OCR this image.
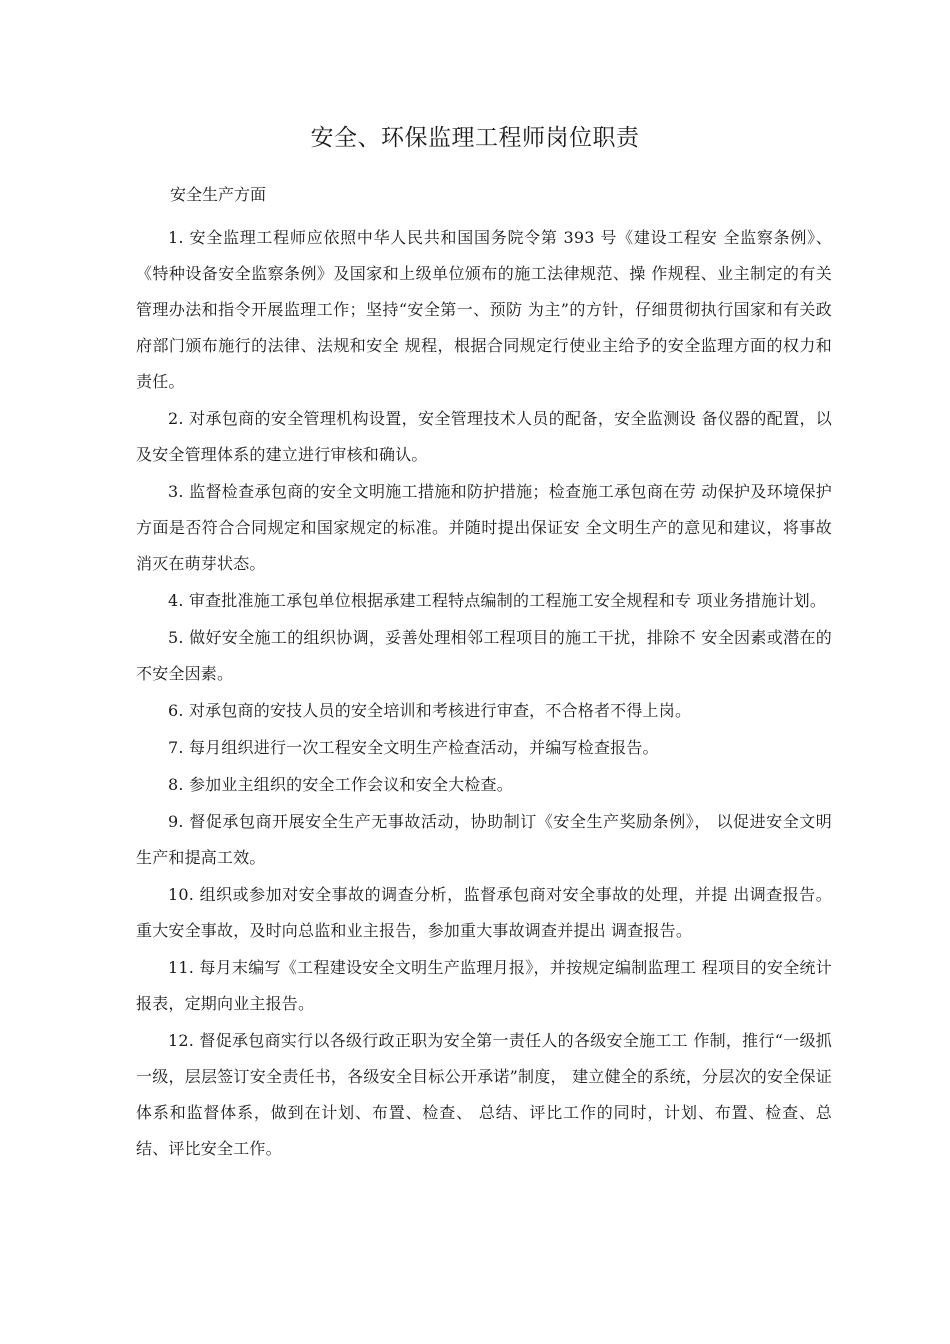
安全、环保监理工程师岗位职责

安全生产方面

1. 安全监理工程师应依照中华人民共和国国务院令第 393 号《建设工程安 全监察条例》、《特种设备安全监察条例》及国家和上级单位颁布的施工法律规范、操 作规程、业主制定的有关管理办法和指令开展监理工作；坚持“安全第一、预防 为主”的方针，仔细贯彻执行国家和有关政府部门颁布施行的法律、法规和安全 规程，根据合同规定行使业主给予的安全监理方面的权力和责任。

2. 对承包商的安全管理机构设置，安全管理技术人员的配备，安全监测设 备仪器的配置，以及安全管理体系的建立进行审核和确认。

3. 监督检查承包商的安全文明施工措施和防护措施；检查施工承包商在劳 动保护及环境保护方面是否符合合同规定和国家规定的标准。并随时提出保证安 全文明生产的意见和建议，将事故消灭在萌芽状态。

4. 审查批准施工承包单位根据承建工程特点编制的工程施工安全规程和专 项业务措施计划。

5. 做好安全施工的组织协调，妥善处理相邻工程项目的施工干扰，排除不 安全因素或潜在的不安全因素。

6. 对承包商的安技人员的安全培训和考核进行审查，不合格者不得上岗。

7. 每月组织进行一次工程安全文明生产检查活动，并编写检查报告。

8. 参加业主组织的安全工作会议和安全大检查。

9. 督促承包商开展安全生产无事故活动，协助制订《安全生产奖励条例》， 以促进安全文明生产和提高工效。

10. 组织或参加对安全事故的调查分析，监督承包商对安全事故的处理，并提 出调查报告。重大安全事故，及时向总监和业主报告，参加重大事故调查并提出 调查报告。

11. 每月末编写《工程建设安全文明生产监理月报》，并按规定编制监理工 程项目的安全统计报表，定期向业主报告。

12. 督促承包商实行以各级行政正职为安全第一责任人的各级安全施工工 作制，推行“一级抓一级，层层签订安全责任书，各级安全目标公开承诺”制度， 建立健全的系统，分层次的安全保证体系和监督体系，做到在计划、布置、检查、 总结、评比工作的同时，计划、布置、检查、总结、评比安全工作。
